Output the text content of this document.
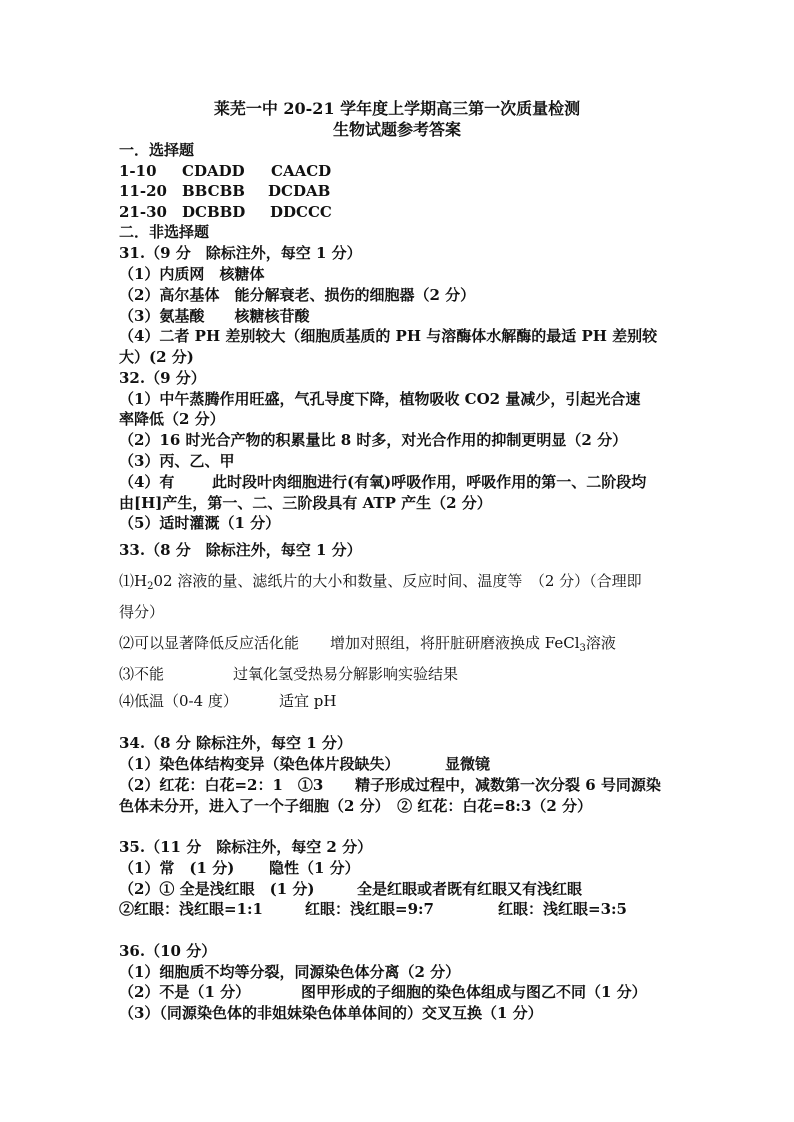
莱芜一中 20-21 学年度上学期高三第一次质量检测
生物试题参考答案
一．选择题
1-10 CDADD CAACD
11-20 BBCBB DCDAB
21-30 DCBBD DDCCC
二．非选择题
31.（9 分　除标注外，每空 1 分）
（1）内质网　核糖体
（2）高尔基体　能分解衰老、损伤的细胞器（2 分）
（3）氨基酸　　核糖核苷酸
（4）二者 PH 差别较大（细胞质基质的 PH 与溶酶体水解酶的最适 PH 差别较
大）(2 分)
32.（9 分）
（1）中午蒸腾作用旺盛，气孔导度下降，植物吸收 CO2 量减少，引起光合速
率降低（2 分）
（2）16 时光合产物的积累量比 8 时多，对光合作用的抑制更明显（2 分）
（3）丙、乙、甲
（4）有	此时段叶肉细胞进行(有氧)呼吸作用，呼吸作用的第一、二阶段均
由[H]产生，第一、二、三阶段具有 ATP 产生（2 分）
（5）适时灌溉（1 分）
33.（8 分　除标注外，每空 1 分）
$⑴H_202$ 溶液的量、滤纸片的大小和数量、反应时间、温度等　（2 分）（合理即
得分）
⑵可以显著降低反应活化能 增加对照组，将肝脏研磨液换成 FeCl$_3$溶液
⑶不能	过氧化氢受热易分解影响实验结果
⑷低温（0-4 度）	适宜 pH
34.（8 分 除标注外，每空 1 分）
（1）染色体结构变异（染色体片段缺失）	显微镜
（2）红花：白花=2：1　①3 精子形成过程中，减数第一次分裂 6 号同源染
色体未分开，进入了一个子细胞（2 分）　② 红花：白花=8:3（2 分）
35.（11 分　除标注外，每空 2 分）
（1）常　(1 分) 隐性（1 分）
（2）① 全是浅红眼　(1 分)	全是红眼或者既有红眼又有浅红眼
②红眼：浅红眼=1:1	红眼：浅红眼=9:7	红眼：浅红眼=3:5
36.（10 分）
（1）细胞质不均等分裂，同源染色体分离（2 分）
（2）不是（1 分）	图甲形成的子细胞的染色体组成与图乙不同（1 分）
（3）（同源染色体的非姐妹染色体单体间的）交叉互换（1 分）
